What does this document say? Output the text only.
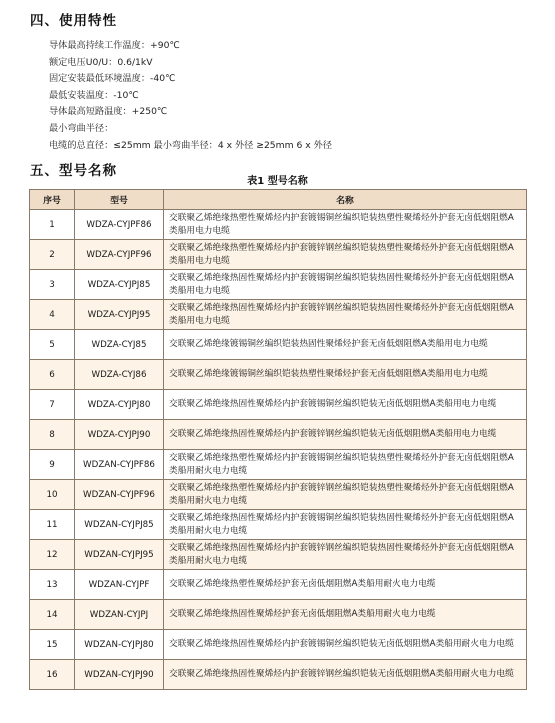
四、使用特性
导体最高持续工作温度：+90℃
额定电压U0/U：0.6/1kV
固定安装最低环境温度：-40℃
最低安装温度：-10℃
导体最高短路温度：+250℃
最小弯曲半径：
电缆的总直径：≤25mm 最小弯曲半径：4 x 外径 ≥25mm 6 x 外径
五、型号名称
表1 型号名称
序号	型号	名称
1	WDZA-CYJPF86	交联聚乙烯绝缘热塑性聚烯烃内护套镀锡铜丝编织铠装热塑性聚烯烃外护套无卤低烟阻燃A类船用电力电缆
2	WDZA-CYJPF96	交联聚乙烯绝缘热塑性聚烯烃内护套镀锌钢丝编织铠装热塑性聚烯烃外护套无卤低烟阻燃A类船用电力电缆
3	WDZA-CYJPJ85	交联聚乙烯绝缘热固性聚烯烃内护套镀锡铜丝编织铠装热固性聚烯烃外护套无卤低烟阻燃A类船用电力电缆
4	WDZA-CYJPJ95	交联聚乙烯绝缘热固性聚烯烃内护套镀锌钢丝编织铠装热固性聚烯烃外护套无卤低烟阻燃A类船用电力电缆
5	WDZA-CYJ85	交联聚乙烯绝缘镀锡铜丝编织铠装热固性聚烯烃护套无卤低烟阻燃A类船用电力电缆
6	WDZA-CYJ86	交联聚乙烯绝缘镀锡铜丝编织铠装热塑性聚烯烃护套无卤低烟阻燃A类船用电力电缆
7	WDZA-CYJPJ80	交联聚乙烯绝缘热固性聚烯烃内护套镀锡铜丝编织铠装无卤低烟阻燃A类船用电力电缆
8	WDZA-CYJPJ90	交联聚乙烯绝缘热固性聚烯烃内护套镀锌钢丝编织铠装无卤低烟阻燃A类船用电力电缆
9	WDZAN-CYJPF86	交联聚乙烯绝缘热塑性聚烯烃内护套镀锡铜丝编织铠装热塑性聚烯烃外护套无卤低烟阻燃A类船用耐火电力电缆
10	WDZAN-CYJPF96	交联聚乙烯绝缘热塑性聚烯烃内护套镀锌钢丝编织铠装热塑性聚烯烃外护套无卤低烟阻燃A类船用耐火电力电缆
11	WDZAN-CYJPJ85	交联聚乙烯绝缘热固性聚烯烃内护套镀锡铜丝编织铠装热固性聚烯烃外护套无卤低烟阻燃A类船用耐火电力电缆
12	WDZAN-CYJPJ95	交联聚乙烯绝缘热固性聚烯烃内护套镀锌钢丝编织铠装热固性聚烯烃外护套无卤低烟阻燃A类船用耐火电力电缆
13	WDZAN-CYJPF	交联聚乙烯绝缘热塑性聚烯烃护套无卤低烟阻燃A类船用耐火电力电缆
14	WDZAN-CYJPJ	交联聚乙烯绝缘热固性聚烯烃护套无卤低烟阻燃A类船用耐火电力电缆
15	WDZAN-CYJPJ80	交联聚乙烯绝缘热固性聚烯烃内护套镀锡铜丝编织铠装无卤低烟阻燃A类船用耐火电力电缆
16	WDZAN-CYJPJ90	交联聚乙烯绝缘热固性聚烯烃内护套镀锌钢丝编织铠装无卤低烟阻燃A类船用耐火电力电缆
